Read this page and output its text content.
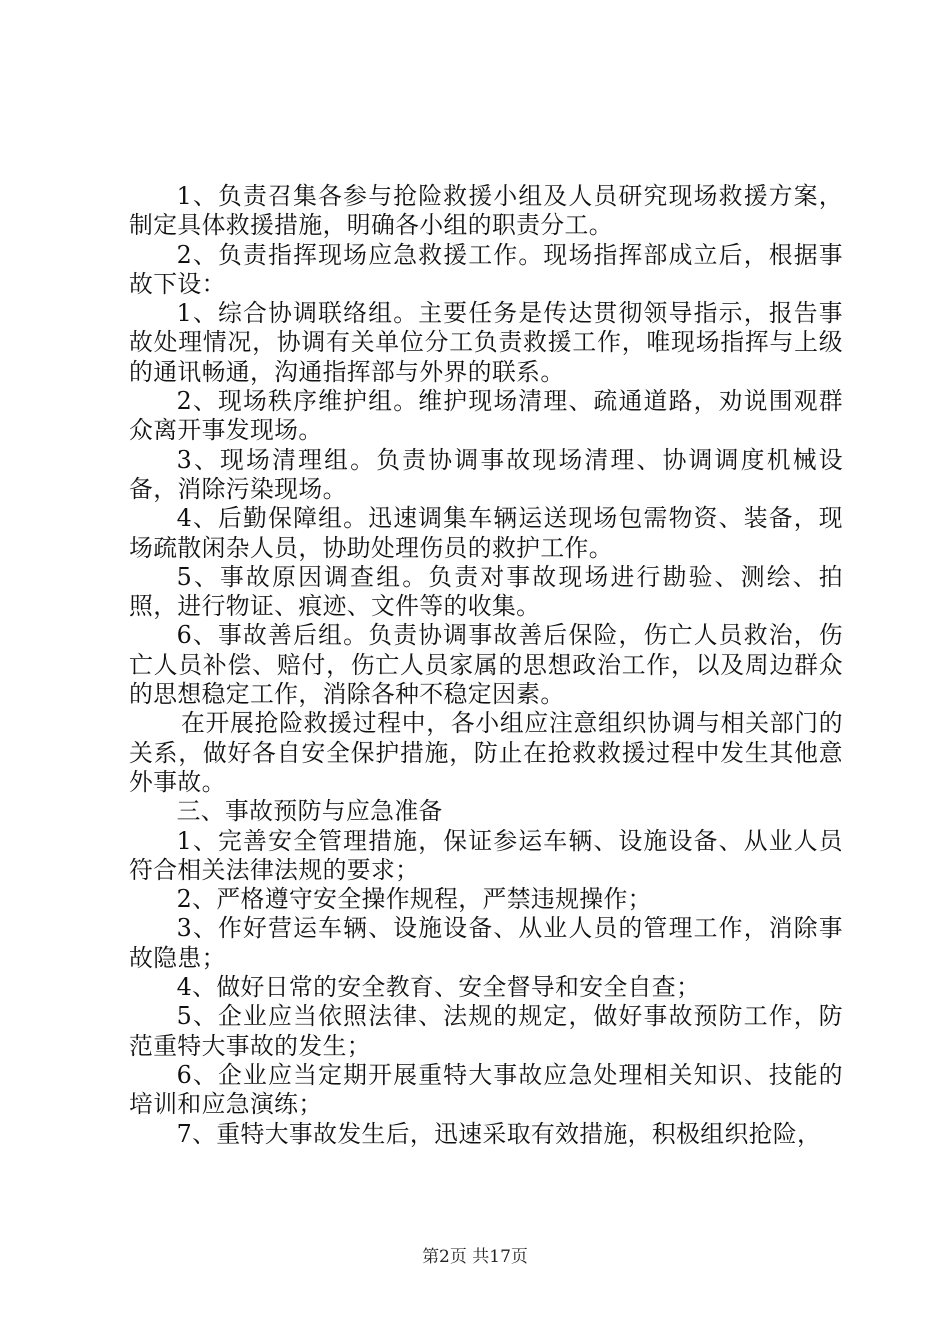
1、负责召集各参与抢险救援小组及人员研究现场救援方案，制定具体救援措施，明确各小组的职责分工。

2、负责指挥现场应急救援工作。现场指挥部成立后，根据事故下设：

1、综合协调联络组。主要任务是传达贯彻领导指示，报告事故处理情况，协调有关单位分工负责救援工作，唯现场指挥与上级的通讯畅通，沟通指挥部与外界的联系。

2、现场秩序维护组。维护现场清理、疏通道路，劝说围观群众离开事发现场。

3、现场清理组。负责协调事故现场清理、协调调度机械设备，消除污染现场。

4、后勤保障组。迅速调集车辆运送现场包需物资、装备，现场疏散闲杂人员，协助处理伤员的救护工作。

5、事故原因调查组。负责对事故现场进行勘验、测绘、拍照，进行物证、痕迹、文件等的收集。

6、事故善后组。负责协调事故善后保险，伤亡人员救治，伤亡人员补偿、赔付，伤亡人员家属的思想政治工作，以及周边群众的思想稳定工作，消除各种不稳定因素。

在开展抢险救援过程中，各小组应注意组织协调与相关部门的关系，做好各自安全保护措施，防止在抢救救援过程中发生其他意外事故。

三、事故预防与应急准备

1、完善安全管理措施，保证参运车辆、设施设备、从业人员符合相关法律法规的要求；

2、严格遵守安全操作规程，严禁违规操作；

3、作好营运车辆、设施设备、从业人员的管理工作，消除事故隐患；

4、做好日常的安全教育、安全督导和安全自查；

5、企业应当依照法律、法规的规定，做好事故预防工作，防范重特大事故的发生；

6、企业应当定期开展重特大事故应急处理相关知识、技能的培训和应急演练；

7、重特大事故发生后，迅速采取有效措施，积极组织抢险，

第2页 共17页
